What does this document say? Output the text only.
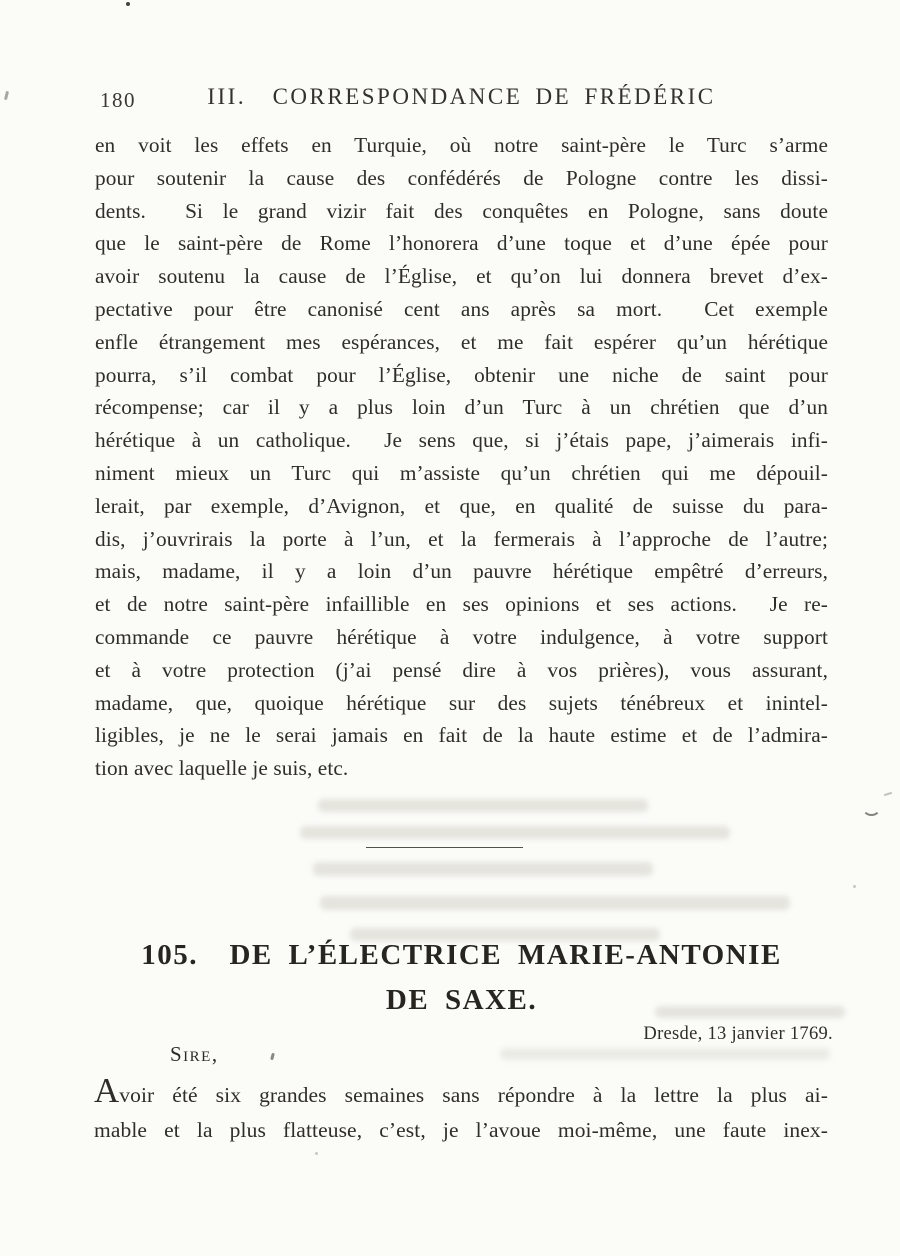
180	III.  CORRESPONDANCE DE FRÉDÉRIC
en voit les effets en Turquie, où notre saint-père le Turc s’arme
pour soutenir la cause des confédérés de Pologne contre les dissi-
dents.  Si le grand vizir fait des conquêtes en Pologne, sans doute
que le saint-père de Rome l’honorera d’une toque et d’une épée pour
avoir soutenu la cause de l’Église, et qu’on lui donnera brevet d’ex-
pectative pour être canonisé cent ans après sa mort.  Cet exemple
enfle étrangement mes espérances, et me fait espérer qu’un hérétique
pourra, s’il combat pour l’Église, obtenir une niche de saint pour
récompense; car il y a plus loin d’un Turc à un chrétien que d’un
hérétique à un catholique.  Je sens que, si j’étais pape, j’aimerais infi-
niment mieux un Turc qui m’assiste qu’un chrétien qui me dépouil-
lerait, par exemple, d’Avignon, et que, en qualité de suisse du para-
dis, j’ouvrirais la porte à l’un, et la fermerais à l’approche de l’autre;
mais, madame, il y a loin d’un pauvre hérétique empêtré d’erreurs,
et de notre saint-père infaillible en ses opinions et ses actions.  Je re-
commande ce pauvre hérétique à votre indulgence, à votre support
et à votre protection (j’ai pensé dire à vos prières), vous assurant,
madame, que, quoique hérétique sur des sujets ténébreux et inintel-
ligibles, je ne le serai jamais en fait de la haute estime et de l’admira-
tion avec laquelle je suis, etc.
105.  DE L’ÉLECTRICE MARIE-ANTONIE
DE SAXE.
Dresde, 13 janvier 1769.
Sire,
Avoir été six grandes semaines sans répondre à la lettre la plus ai-
mable et la plus flatteuse, c’est, je l’avoue moi-même, une faute inex-
